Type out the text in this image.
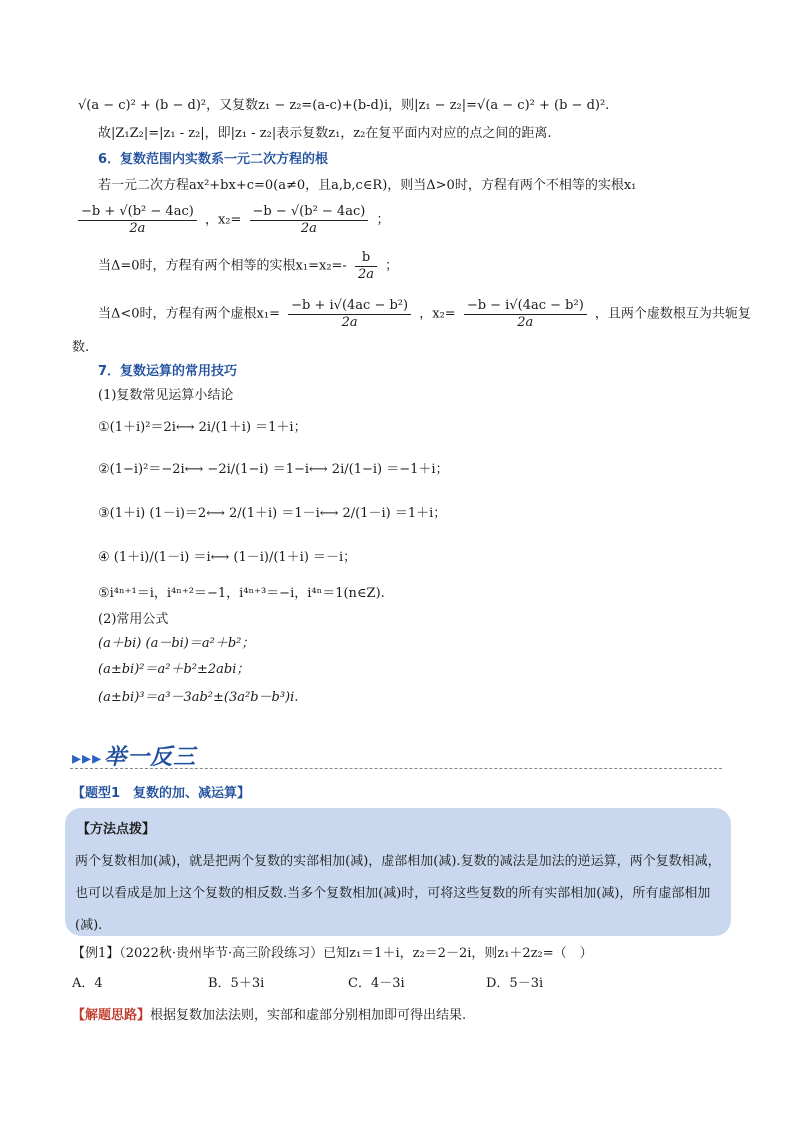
√(a − c)² + (b − d)²，又复数z₁ − z₂=(a-c)+(b-d)i，则|z₁ − z₂|=√(a − c)² + (b − d)².
故|Z₁Z₂|=|z₁ - z₂|，即|z₁ - z₂|表示复数z₁，z₂在复平面内对应的点之间的距离.
6．复数范围内实数系一元二次方程的根
若一元二次方程ax²+bx+c=0(a≠0，且a,b,c∈R)，则当Δ>0时，方程有两个不相等的实根x₁
$\frac{\text{−b + √(b² − 4ac)}}{2a}$ ，$x_2= \frac{\text{−b − √(b² − 4ac)}}{2a}$ ；
当Δ=0时，方程有两个相等的实根$x_1=x_2=- \frac{b}{2a}$ ；
当Δ<0时，方程有两个虚根$x_1= \frac{\text{−b + i√(4ac − b²)}}{2a}$ ，$x_2= \frac{\text{−b − i√(4ac − b²)}}{2a}$ ，且两个虚数根互为共轭复
数.
7．复数运算的常用技巧
(1)复数常见运算小结论
①(1＋i)²＝2i⟷ 2i/(1＋i) ＝1＋i；
②(1−i)²＝−2i⟷ −2i/(1−i) ＝1−i⟷ 2i/(1−i) ＝−1＋i；
③(1＋i) (1－i)＝2⟷ 2/(1＋i) ＝1－i⟷ 2/(1－i) ＝1＋i；
④ (1＋i)/(1－i) ＝i⟷ (1－i)/(1＋i) ＝－i；
⑤i⁴ⁿ⁺¹＝i，i⁴ⁿ⁺²＝−1，i⁴ⁿ⁺³＝−i，i⁴ⁿ＝1(n∈Z).
(2)常用公式
(a＋bi) (a－bi)＝a²＋b²；
(a±bi)²＝a²＋b²±2abi；
(a±bi)³＝a³－3ab²±(3a²b－b³)i.
▸▸▸举一反三
【题型1　复数的加、减运算】
【方法点拨】
两个复数相加(减)，就是把两个复数的实部相加(减)，虚部相加(减).复数的减法是加法的逆运算，两个复数相减，也可以看成是加上这个复数的相反数.当多个复数相加(减)时，可将这些复数的所有实部相加(减)，所有虚部相加(减).
【例1】（2022秋·贵州毕节·高三阶段练习）已知z₁＝1＋i，z₂＝2－2i，则z₁＋2z₂=（　）
A．4	B．5＋3i	C．4－3i	D．5－3i
【解题思路】根据复数加法法则，实部和虚部分别相加即可得出结果.
